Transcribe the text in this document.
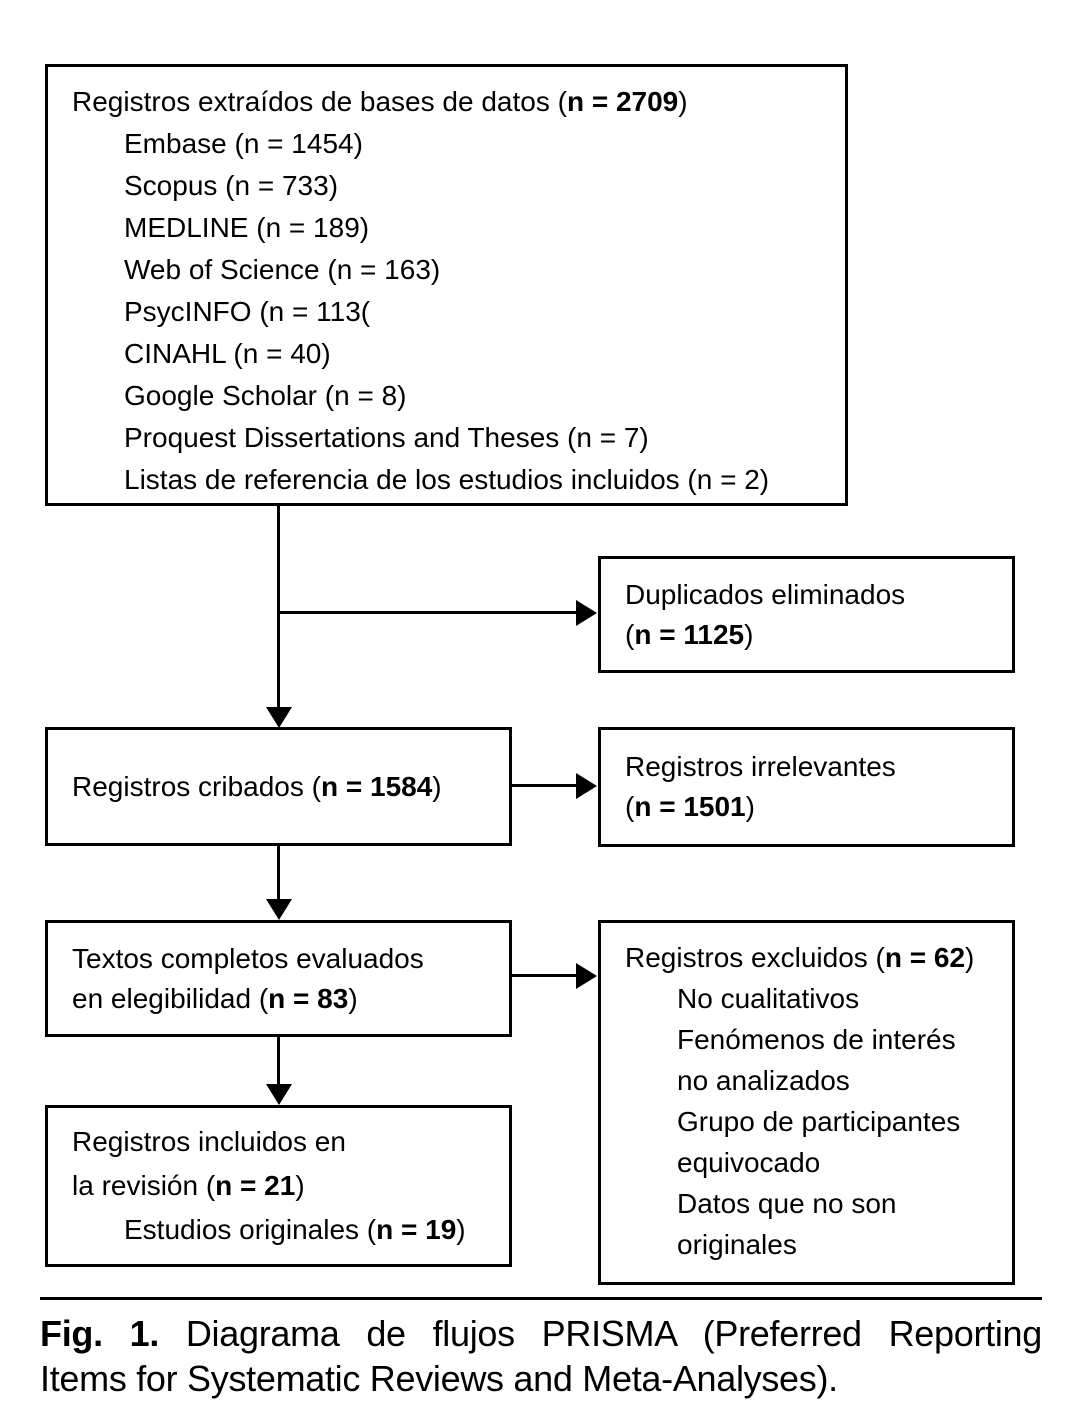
Registros extraídos de bases de datos (n = 2709)
Embase (n = 1454)
Scopus (n = 733)
MEDLINE (n = 189)
Web of Science (n = 163)
PsycINFO (n = 113(
CINAHL (n = 40)
Google Scholar (n = 8)
Proquest Dissertations and Theses (n = 7)
Listas de referencia de los estudios incluidos (n = 2)
Duplicados eliminados
(n = 1125)
Registros cribados (n = 1584)
Registros irrelevantes
(n = 1501)
Textos completos evaluados
en elegibilidad (n = 83)
Registros excluidos (n = 62)
No cualitativos
Fenómenos de interés
no analizados
Grupo de participantes
equivocado
Datos que no son
originales
Registros incluidos en
la revisión (n = 21)
Estudios originales (n = 19)
Fig. 1. Diagrama de flujos PRISMA (Preferred Reporting
Items for Systematic Reviews and Meta-Analyses).
